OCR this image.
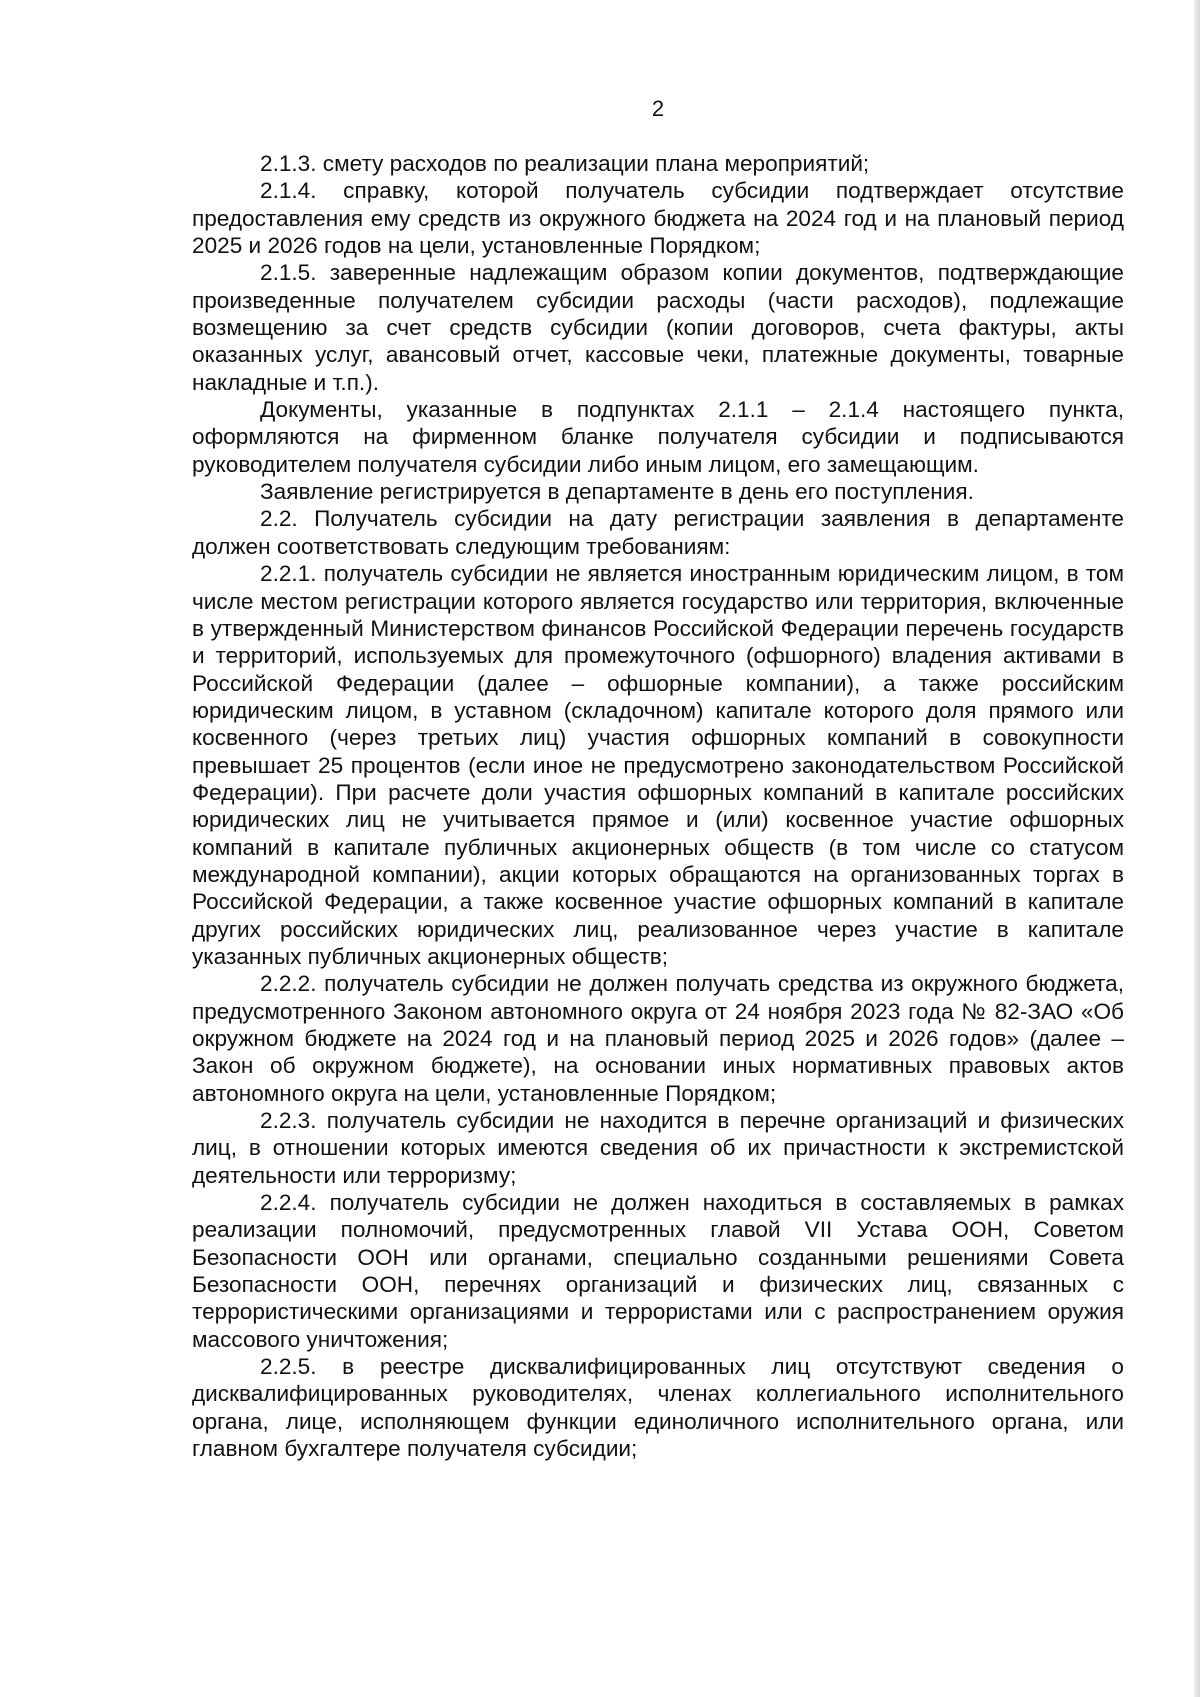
2

2.1.3. смету расходов по реализации плана мероприятий;

2.1.4. справку, которой получатель субсидии подтверждает отсутствие предоставления ему средств из окружного бюджета на 2024 год и на плановый период 2025 и 2026 годов на цели, установленные Порядком;

2.1.5. заверенные надлежащим образом копии документов, подтверждающие произведенные получателем субсидии расходы (части расходов), подлежащие возмещению за счет средств субсидии (копии договоров, счета фактуры, акты оказанных услуг, авансовый отчет, кассовые чеки, платежные документы, товарные накладные и т.п.).

Документы, указанные в подпунктах 2.1.1 – 2.1.4 настоящего пункта, оформляются на фирменном бланке получателя субсидии и подписываются руководителем получателя субсидии либо иным лицом, его замещающим.

Заявление регистрируется в департаменте в день его поступления.

2.2. Получатель субсидии на дату регистрации заявления в департаменте должен соответствовать следующим требованиям:

2.2.1. получатель субсидии не является иностранным юридическим лицом, в том числе местом регистрации которого является государство или территория, включенные в утвержденный Министерством финансов Российской Федерации перечень государств и территорий, используемых для промежуточного (офшорного) владения активами в Российской Федерации (далее – офшорные компании), а также российским юридическим лицом, в уставном (складочном) капитале которого доля прямого или косвенного (через третьих лиц) участия офшорных компаний в совокупности превышает 25 процентов (если иное не предусмотрено законодательством Российской Федерации). При расчете доли участия офшорных компаний в капитале российских юридических лиц не учитывается прямое и (или) косвенное участие офшорных компаний в капитале публичных акционерных обществ (в том числе со статусом международной компании), акции которых обращаются на организованных торгах в Российской Федерации, а также косвенное участие офшорных компаний в капитале других российских юридических лиц, реализованное через участие в капитале указанных публичных акционерных обществ;

2.2.2. получатель субсидии не должен получать средства из окружного бюджета, предусмотренного Законом автономного округа от 24 ноября 2023 года № 82-ЗАО «Об окружном бюджете на 2024 год и на плановый период 2025 и 2026 годов» (далее – Закон об окружном бюджете), на основании иных нормативных правовых актов автономного округа на цели, установленные Порядком;

2.2.3. получатель субсидии не находится в перечне организаций и физических лиц, в отношении которых имеются сведения об их причастности к экстремистской деятельности или терроризму;

2.2.4. получатель субсидии не должен находиться в составляемых в рамках реализации полномочий, предусмотренных главой VII Устава ООН, Советом Безопасности ООН или органами, специально созданными решениями Совета Безопасности ООН, перечнях организаций и физических лиц, связанных с террористическими организациями и террористами или с распространением оружия массового уничтожения;

2.2.5. в реестре дисквалифицированных лиц отсутствуют сведения о дисквалифицированных руководителях, членах коллегиального исполнительного органа, лице, исполняющем функции единоличного исполнительного органа, или главном бухгалтере получателя субсидии;
